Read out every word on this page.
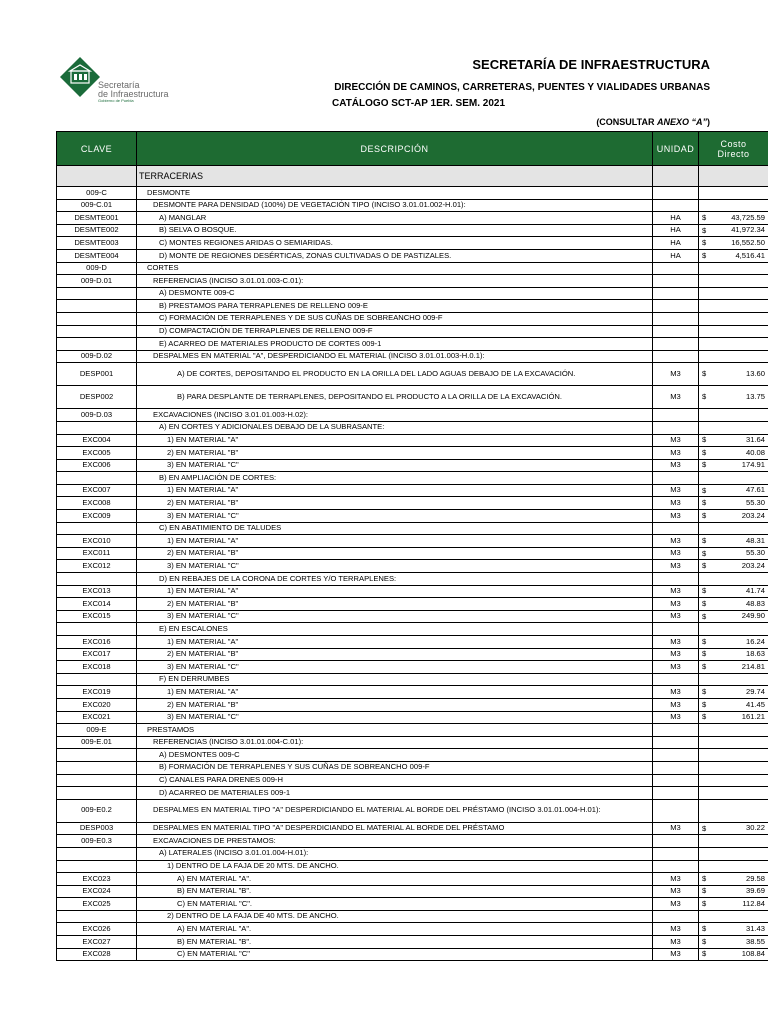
Secretaría
de Infraestructura
Gobierno de Puebla
SECRETARÍA DE INFRAESTRUCTURA
DIRECCIÓN DE CAMINOS, CARRETERAS, PUENTES Y VIALIDADES URBANAS
CATÁLOGO SCT-AP 1ER. SEM. 2021
(CONSULTAR ANEXO “A”)
CLAVE	DESCRIPCIÓN	UNIDAD	Costo
Directo
	TERRACERIAS		
009-C	DESMONTE		
009-C.01	DESMONTE PARA DENSIDAD (100%) DE VEGETACIÓN TIPO (INCISO 3.01.01.002-H.01):		
DESMTE001	A) MANGLAR	HA	$ 43,725.59

DESMTE002	B) SELVA O BOSQUE.	HA	$ 41,972.34

DESMTE003	C) MONTES REGIONES ARIDAS O SEMIARIDAS.	HA	$ 16,552.50

DESMTE004	D) MONTE DE REGIONES DESÉRTICAS, ZONAS CULTIVADAS O DE PASTIZALES.	HA	$ 4,516.41

009-D	CORTES		
009-D.01	REFERENCIAS (INCISO 3.01.01.003-C.01):		
	A) DESMONTE 009-C		
	B) PRESTAMOS PARA TERRAPLENES DE RELLENO 009-E		
	C) FORMACIÓN DE TERRAPLENES Y DE SUS CUÑAS DE SOBREANCHO 009-F		
	D) COMPACTACIÓN DE TERRAPLENES DE RELLENO 009-F		
	E) ACARREO DE MATERIALES PRODUCTO DE CORTES 009-1		
009-D.02	DESPALMES EN MATERIAL "A", DESPERDICIANDO EL MATERIAL (INCISO 3.01.01.003-H.0.1):		
DESP001	A) DE CORTES, DEPOSITANDO EL PRODUCTO EN LA ORILLA DEL LADO AGUAS DEBAJO DE LA EXCAVACIÓN.	M3	$ 13.60

DESP002	B) PARA DESPLANTE DE TERRAPLENES, DEPOSITANDO EL PRODUCTO A LA ORILLA DE LA EXCAVACIÓN.	M3	$ 13.75

009-D.03	EXCAVACIONES (INCISO 3.01.01.003-H.02):		
	A) EN CORTES Y ADICIONALES DEBAJO DE LA SUBRASANTE:		
EXC004	1) EN MATERIAL "A"	M3	$ 31.64

EXC005	2) EN MATERIAL "B"	M3	$ 40.08

EXC006	3) EN MATERIAL "C"	M3	$ 174.91

	B) EN AMPLIACIÓN DE CORTES:		
EXC007	1) EN MATERIAL "A"	M3	$ 47.61

EXC008	2) EN MATERIAL "B"	M3	$ 55.30

EXC009	3) EN MATERIAL "C"	M3	$ 203.24

	C) EN ABATIMIENTO DE TALUDES		
EXC010	1) EN MATERIAL "A"	M3	$ 48.31

EXC011	2) EN MATERIAL "B"	M3	$ 55.30

EXC012	3) EN MATERIAL "C"	M3	$ 203.24

	D) EN REBAJES DE LA CORONA DE CORTES Y/O TERRAPLENES:		
EXC013	1) EN MATERIAL "A"	M3	$ 41.74

EXC014	2) EN MATERIAL "B"	M3	$ 48.83

EXC015	3) EN MATERIAL "C"	M3	$ 249.90

	E) EN ESCALONES		
EXC016	1) EN MATERIAL "A"	M3	$ 16.24

EXC017	2) EN MATERIAL "B"	M3	$ 18.63

EXC018	3) EN MATERIAL "C"	M3	$ 214.81

	F) EN DERRUMBES		
EXC019	1) EN MATERIAL "A"	M3	$ 29.74

EXC020	2) EN MATERIAL "B"	M3	$ 41.45

EXC021	3) EN MATERIAL "C"	M3	$ 161.21

009-E	PRESTAMOS		
009-E.01	REFERENCIAS (INCISO 3.01.01.004-C.01):		
	A) DESMONTES 009-C		
	B) FORMACIÓN DE TERRAPLENES Y SUS CUÑAS DE SOBREANCHO 009-F		
	C) CANALES PARA DRENES 009-H		
	D) ACARREO DE MATERIALES 009-1		
009-E0.2	DESPALMES EN MATERIAL TIPO "A" DESPERDICIANDO EL MATERIAL AL BORDE DEL PRÉSTAMO (INCISO 3.01.01.004-H.01):		
DESP003	DESPALMES EN MATERIAL TIPO "A" DESPERDICIANDO EL MATERIAL AL BORDE DEL PRÉSTAMO	M3	$ 30.22

009-E0.3	EXCAVACIONES DE PRESTAMOS:		
	A) LATERALES (INCISO 3.01.01.004-H.01):		
	1) DENTRO DE LA FAJA DE 20 MTS. DE ANCHO.		
EXC023	A) EN MATERIAL "A".	M3	$ 29.58

EXC024	B) EN MATERIAL "B".	M3	$ 39.69

EXC025	C) EN MATERIAL "C".	M3	$ 112.84

	2) DENTRO DE LA FAJA DE 40 MTS. DE ANCHO.		
EXC026	A) EN MATERIAL "A".	M3	$ 31.43

EXC027	B) EN MATERIAL "B".	M3	$ 38.55

EXC028	C) EN MATERIAL "C"	M3	$ 108.84
